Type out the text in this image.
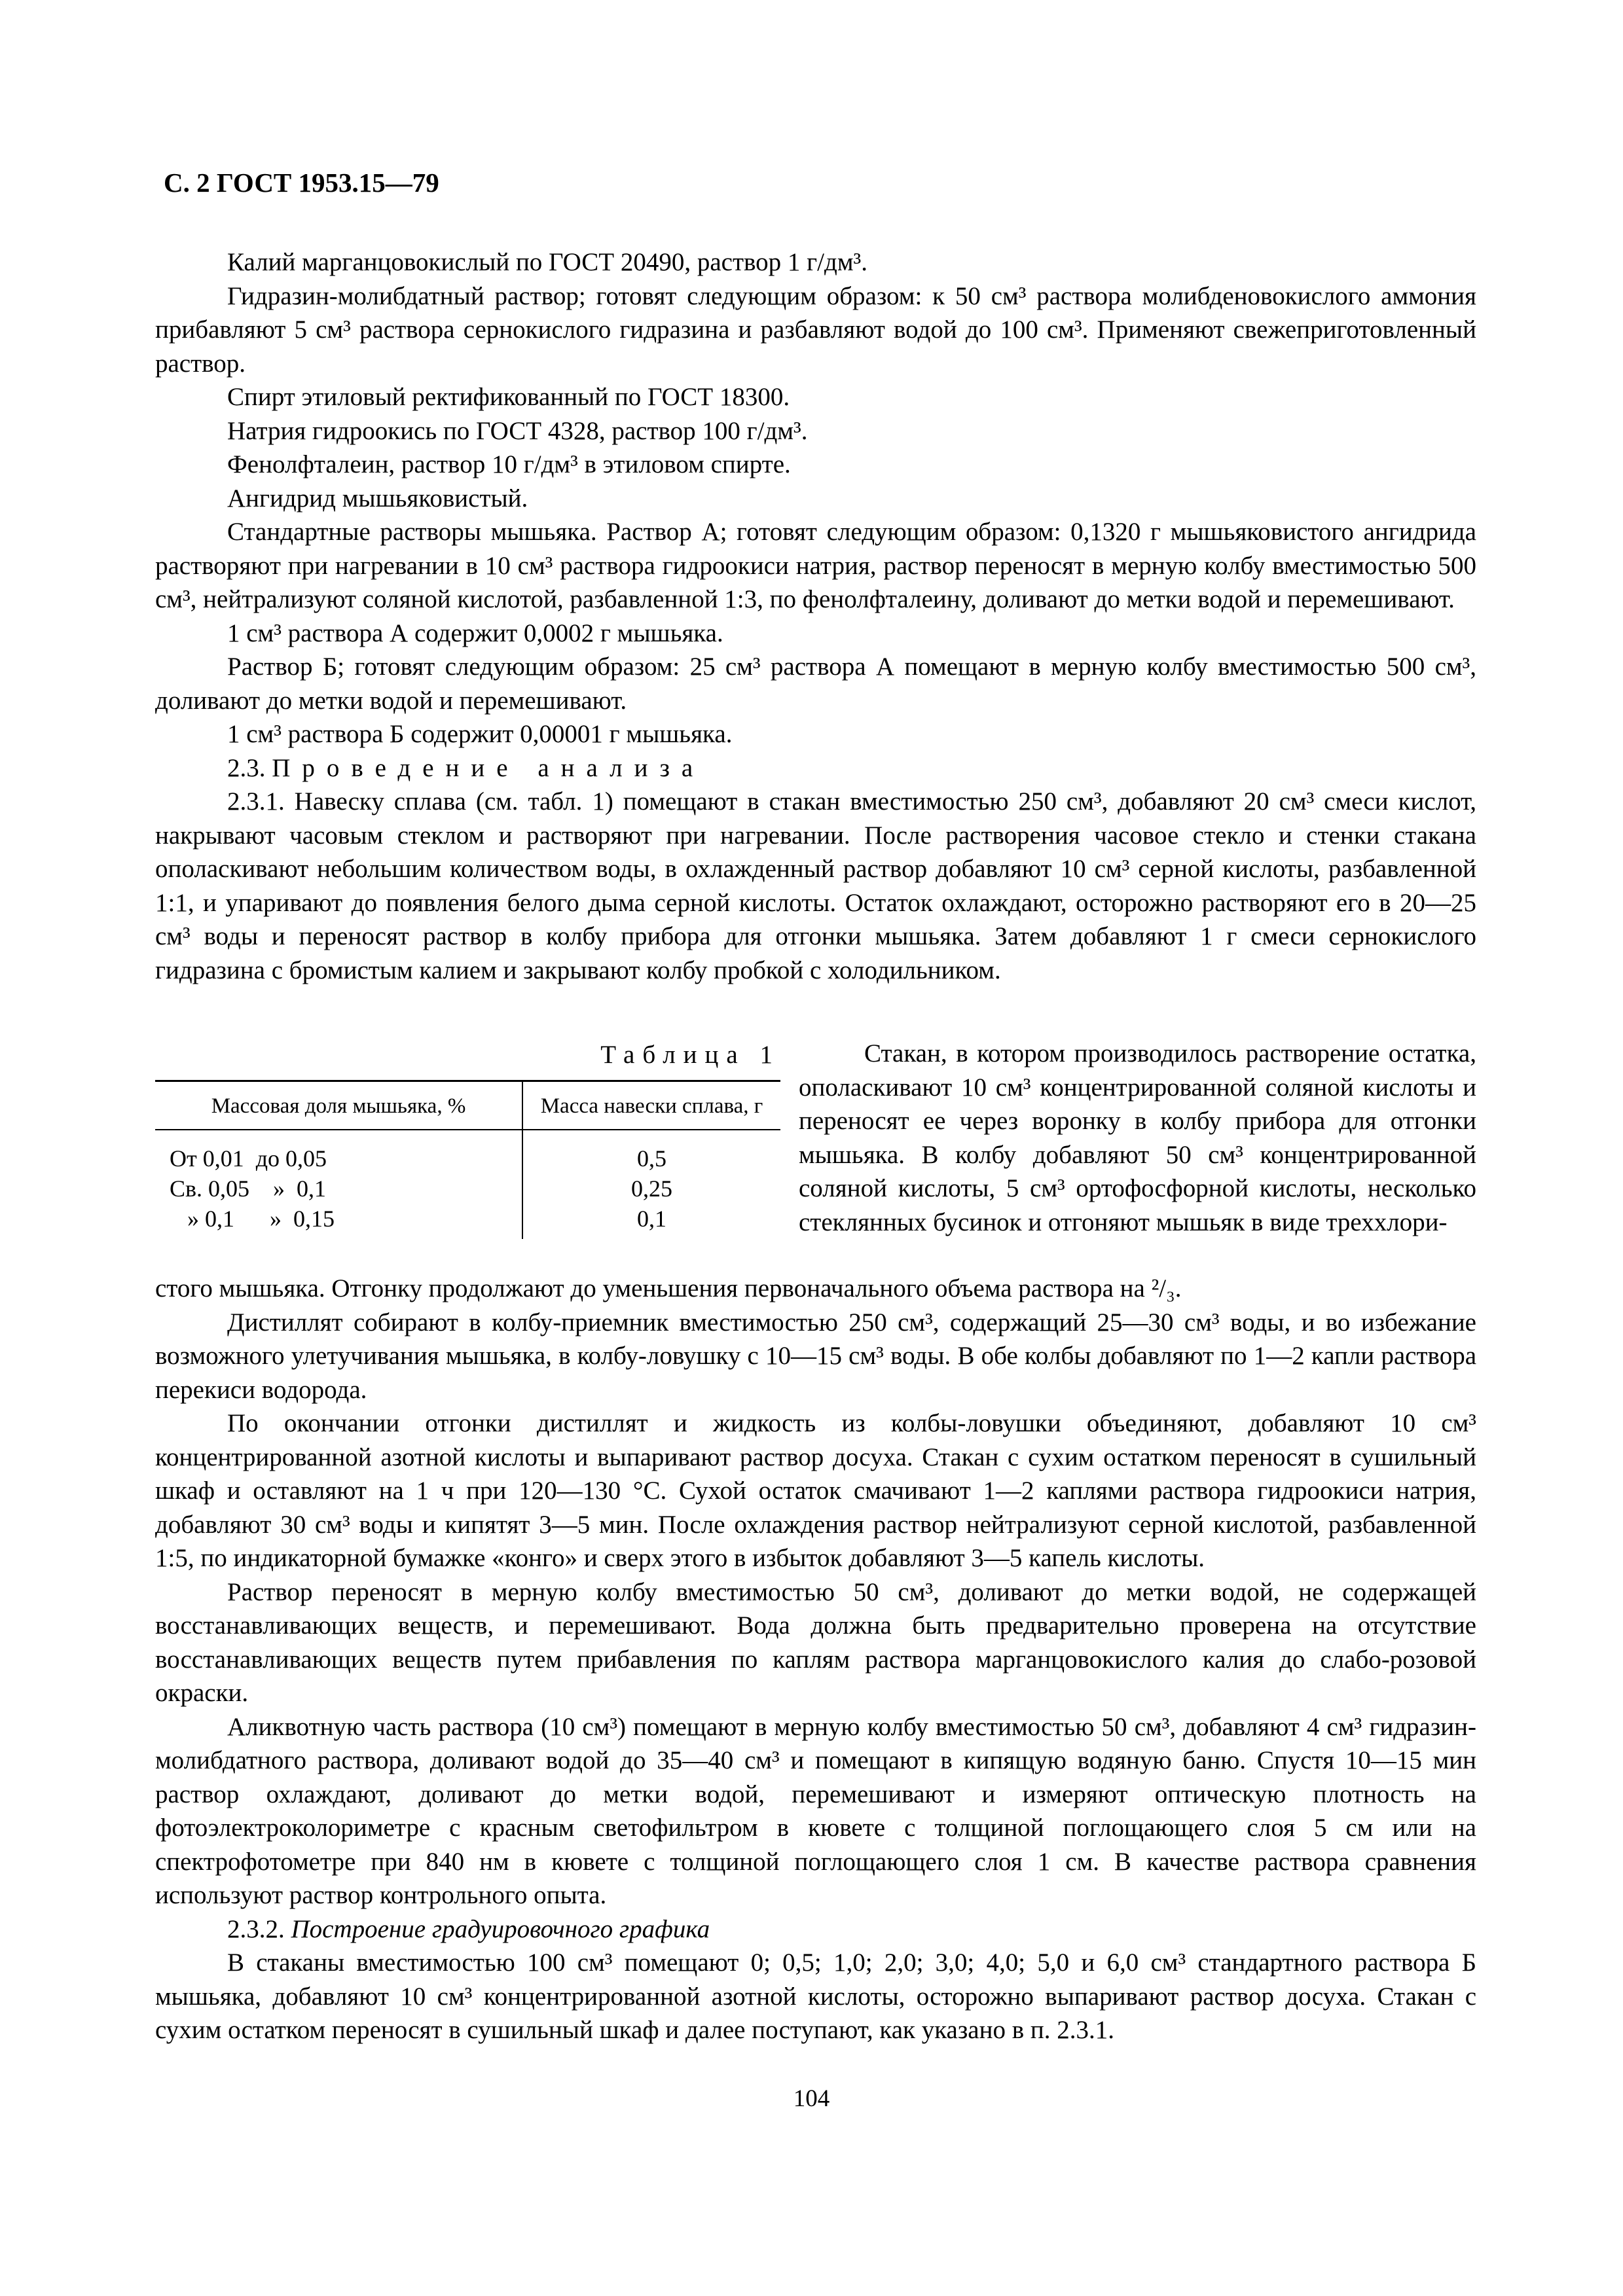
С. 2 ГОСТ 1953.15—79

Калий марганцовокислый по ГОСТ 20490, раствор 1 г/дм³.

Гидразин-молибдатный раствор; готовят следующим образом: к 50 см³ раствора молибденовокислого аммония прибавляют 5 см³ раствора сернокислого гидразина и разбавляют водой до 100 см³. Применяют свежеприготовленный раствор.

Спирт этиловый ректификованный по ГОСТ 18300.

Натрия гидроокись по ГОСТ 4328, раствор 100 г/дм³.

Фенолфталеин, раствор 10 г/дм³ в этиловом спирте.

Ангидрид мышьяковистый.

Стандартные растворы мышьяка. Раствор А; готовят следующим образом: 0,1320 г мышьяковистого ангидрида растворяют при нагревании в 10 см³ раствора гидроокиси натрия, раствор переносят в мерную колбу вместимостью 500 см³, нейтрализуют соляной кислотой, разбавленной 1:3, по фенолфталеину, доливают до метки водой и перемешивают.

1 см³ раствора А содержит 0,0002 г мышьяка.

Раствор Б; готовят следующим образом: 25 см³ раствора А помещают в мерную колбу вместимостью 500 см³, доливают до метки водой и перемешивают.

1 см³ раствора Б содержит 0,00001 г мышьяка.

2.3. Проведение анализа

2.3.1. Навеску сплава (см. табл. 1) помещают в стакан вместимостью 250 см³, добавляют 20 см³ смеси кислот, накрывают часовым стеклом и растворяют при нагревании. После растворения часовое стекло и стенки стакана ополаскивают небольшим количеством воды, в охлажденный раствор добавляют 10 см³ серной кислоты, разбавленной 1:1, и упаривают до появления белого дыма серной кислоты. Остаток охлаждают, осторожно растворяют его в 20—25 см³ воды и переносят раствор в колбу прибора для отгонки мышьяка. Затем добавляют 1 г смеси сернокислого гидразина с бромистым калием и закрывают колбу пробкой с холодильником.

Таблица 1
Массовая доля мышьяка, %	Масса навески сплава, г
От 0,01  до 0,05	0,5
Св. 0,05    »  0,1	0,25
» 0,1      »  0,15	0,1

Стакан, в котором производилось растворение остатка, ополаскивают 10 см³ концентрированной соляной кислоты и переносят ее через воронку в колбу прибора для отгонки мышьяка. В колбу добавляют 50 см³ концентрированной соляной кислоты, 5 см³ ортофосфорной кислоты, несколько стеклянных бусинок и отгоняют мышьяк в виде треххлори-

стого мышьяка. Отгонку продолжают до уменьшения первоначального объема раствора на ²/₃.

Дистиллят собирают в колбу-приемник вместимостью 250 см³, содержащий 25—30 см³ воды, и во избежание возможного улетучивания мышьяка, в колбу-ловушку с 10—15 см³ воды. В обе колбы добавляют по 1—2 капли раствора перекиси водорода.

По окончании отгонки дистиллят и жидкость из колбы-ловушки объединяют, добавляют 10 см³ концентрированной азотной кислоты и выпаривают раствор досуха. Стакан с сухим остатком переносят в сушильный шкаф и оставляют на 1 ч при 120—130 °С. Сухой остаток смачивают 1—2 каплями раствора гидроокиси натрия, добавляют 30 см³ воды и кипятят 3—5 мин. После охлаждения раствор нейтрализуют серной кислотой, разбавленной 1:5, по индикаторной бумажке «конго» и сверх этого в избыток добавляют 3—5 капель кислоты.

Раствор переносят в мерную колбу вместимостью 50 см³, доливают до метки водой, не содержащей восстанавливающих веществ, и перемешивают. Вода должна быть предварительно проверена на отсутствие восстанавливающих веществ путем прибавления по каплям раствора марганцовокислого калия до слабо-розовой окраски.

Аликвотную часть раствора (10 см³) помещают в мерную колбу вместимостью 50 см³, добавляют 4 см³ гидразин-молибдатного раствора, доливают водой до 35—40 см³ и помещают в кипящую водяную баню. Спустя 10—15 мин раствор охлаждают, доливают до метки водой, перемешивают и измеряют оптическую плотность на фотоэлектроколориметре с красным светофильтром в кювете с толщиной поглощающего слоя 5 см или на спектрофотометре при 840 нм в кювете с толщиной поглощающего слоя 1 см. В качестве раствора сравнения используют раствор контрольного опыта.

2.3.2. Построение градуировочного графика

В стаканы вместимостью 100 см³ помещают 0; 0,5; 1,0; 2,0; 3,0; 4,0; 5,0 и 6,0 см³ стандартного раствора Б мышьяка, добавляют 10 см³ концентрированной азотной кислоты, осторожно выпаривают раствор досуха. Стакан с сухим остатком переносят в сушильный шкаф и далее поступают, как указано в п. 2.3.1.

104
